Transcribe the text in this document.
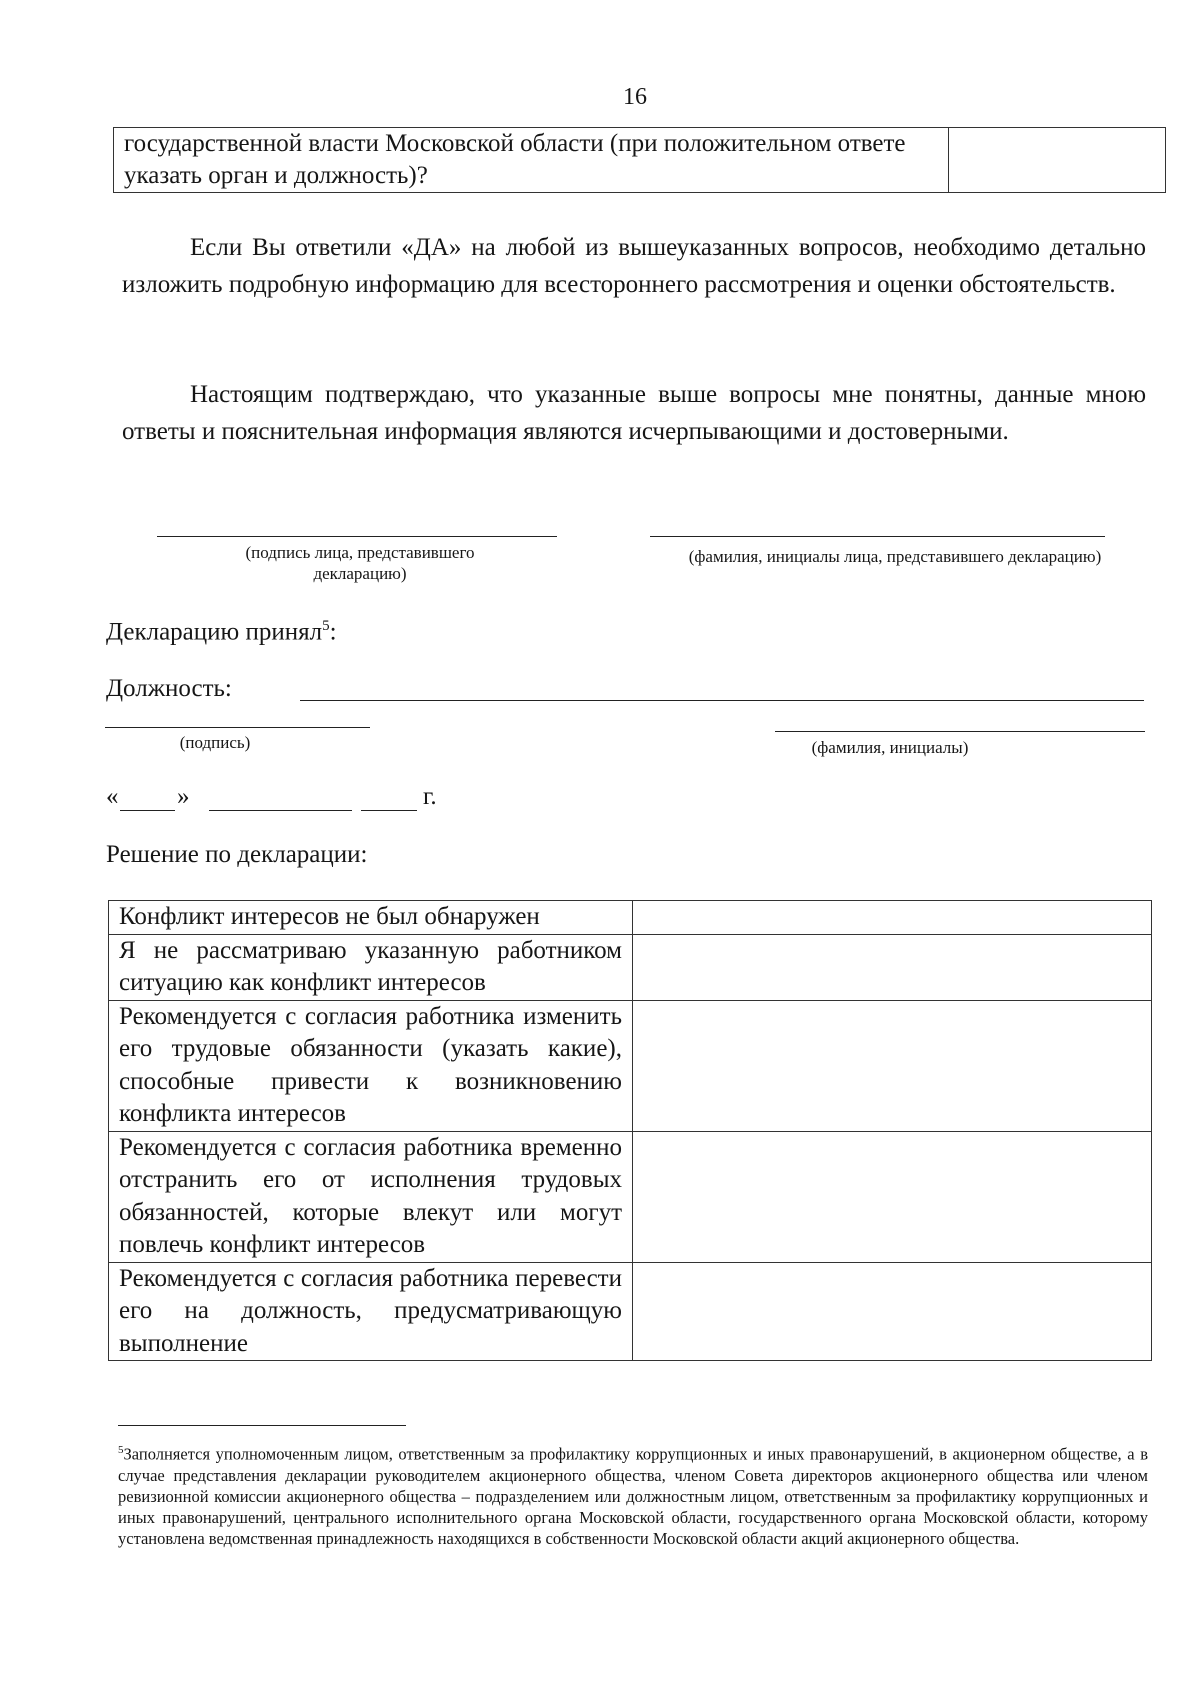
16
государственной власти Московской области (при положительном ответе указать орган и должность)?	

Если Вы ответили «ДА» на любой из вышеуказанных вопросов, необходимо детально изложить подробную информацию для всестороннего рассмотрения и оценки обстоятельств.

Настоящим подтверждаю, что указанные выше вопросы мне понятны, данные мною ответы и пояснительная информация являются исчерпывающими и достоверными.

(подпись лица, представившего декларацию)
(фамилия, инициалы лица, представившего декларацию)
Декларацию принял$^5$:
Должность:
(подпись)	(фамилия, инициалы)
« »	г.
Решение по декларации:
Конфликт интересов не был обнаружен	
Я не рассматриваю указанную работником ситуацию как конфликт интересов	
Рекомендуется с согласия работника изменить его трудовые обязанности (указать какие), способные привести к возникновению конфликта интересов	
Рекомендуется с согласия работника временно отстранить его от исполнения трудовых обязанностей, которые влекут или могут повлечь конфликт интересов	
Рекомендуется с согласия работника перевести его на должность, предусматривающую выполнение	
$^5$Заполняется уполномоченным лицом, ответственным за профилактику коррупционных и иных правонарушений, в акционерном обществе, а в случае представления декларации руководителем акционерного общества, членом Совета директоров акционерного общества или членом ревизионной комиссии акционерного общества – подразделением или должностным лицом, ответственным за профилактику коррупционных и иных правонарушений, центрального исполнительного органа Московской области, государственного органа Московской области, которому установлена ведомственная принадлежность находящихся в собственности Московской области акций акционерного общества.
